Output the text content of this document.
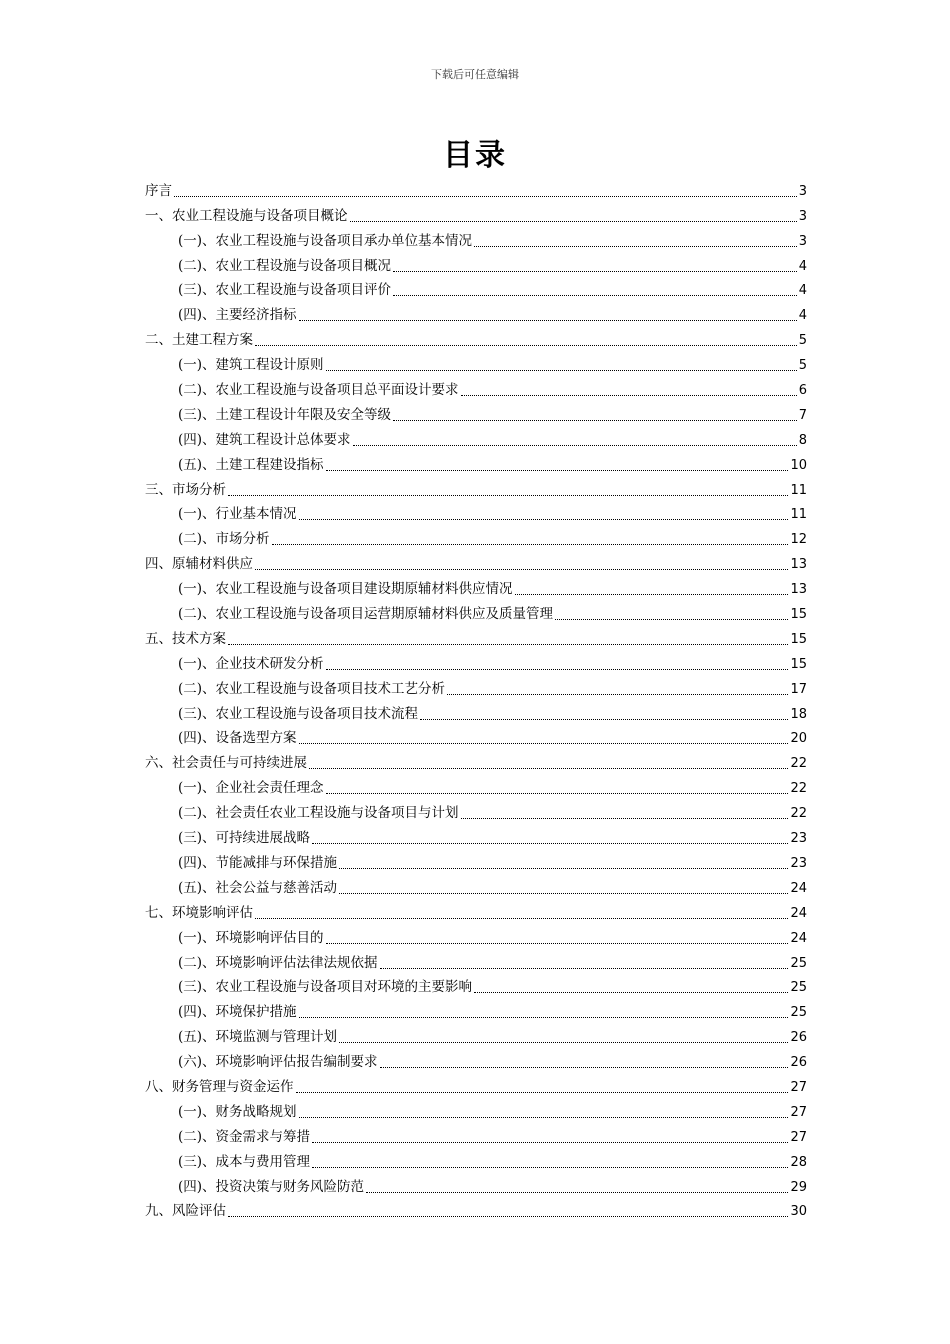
下载后可任意编辑
目录
序言	3
一、农业工程设施与设备项目概论	3
(一)、农业工程设施与设备项目承办单位基本情况	3
(二)、农业工程设施与设备项目概况	4
(三)、农业工程设施与设备项目评价	4
(四)、主要经济指标	4
二、土建工程方案	5
(一)、建筑工程设计原则	5
(二)、农业工程设施与设备项目总平面设计要求	6
(三)、土建工程设计年限及安全等级	7
(四)、建筑工程设计总体要求	8
(五)、土建工程建设指标	10
三、市场分析	11
(一)、行业基本情况	11
(二)、市场分析	12
四、原辅材料供应	13
(一)、农业工程设施与设备项目建设期原辅材料供应情况	13
(二)、农业工程设施与设备项目运营期原辅材料供应及质量管理	15
五、技术方案	15
(一)、企业技术研发分析	15
(二)、农业工程设施与设备项目技术工艺分析	17
(三)、农业工程设施与设备项目技术流程	18
(四)、设备选型方案	20
六、社会责任与可持续进展	22
(一)、企业社会责任理念	22
(二)、社会责任农业工程设施与设备项目与计划	22
(三)、可持续进展战略	23
(四)、节能减排与环保措施	23
(五)、社会公益与慈善活动	24
七、环境影响评估	24
(一)、环境影响评估目的	24
(二)、环境影响评估法律法规依据	25
(三)、农业工程设施与设备项目对环境的主要影响	25
(四)、环境保护措施	25
(五)、环境监测与管理计划	26
(六)、环境影响评估报告编制要求	26
八、财务管理与资金运作	27
(一)、财务战略规划	27
(二)、资金需求与筹措	27
(三)、成本与费用管理	28
(四)、投资决策与财务风险防范	29
九、风险评估	30
